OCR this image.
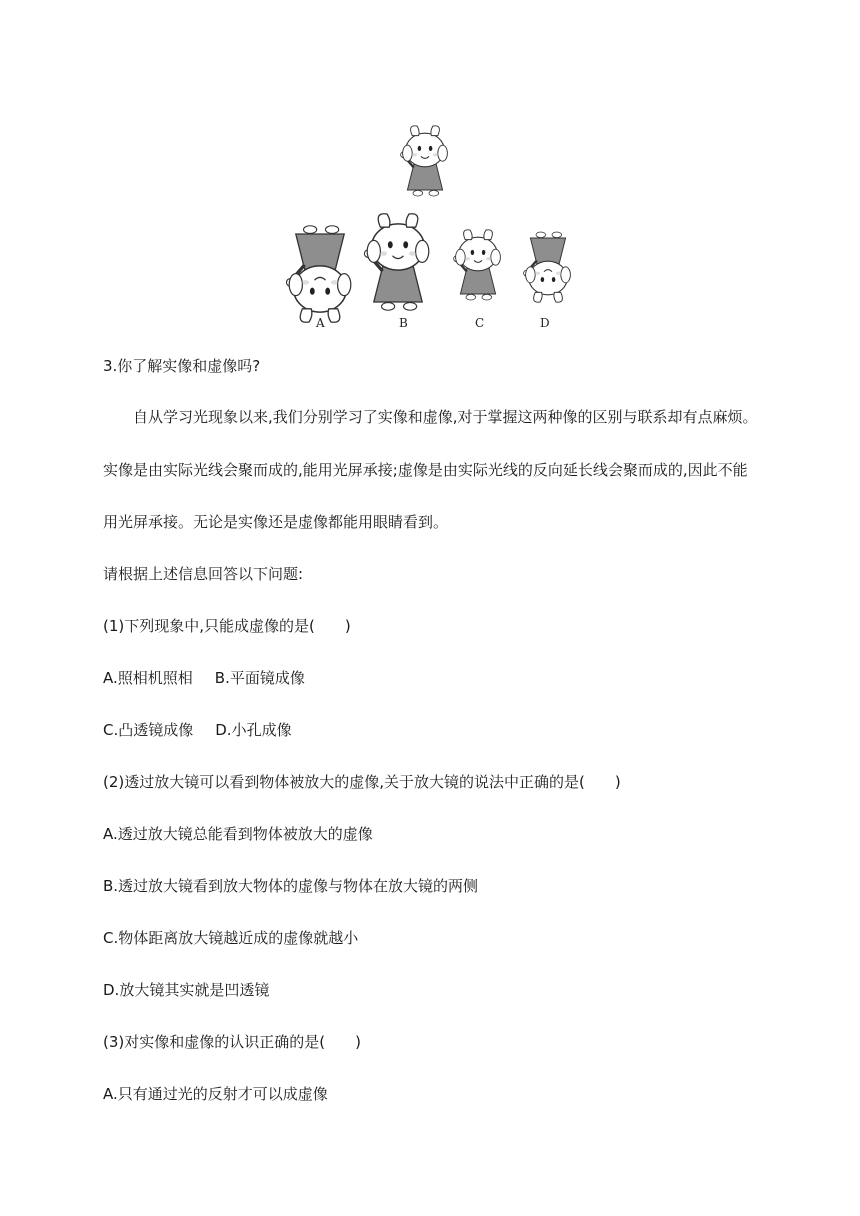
A	B	C	D
3.你了解实像和虚像吗?
自从学习光现象以来,我们分别学习了实像和虚像,对于掌握这两种像的区别与联系却有点麻烦。
实像是由实际光线会聚而成的,能用光屏承接;虚像是由实际光线的反向延长线会聚而成的,因此不能
用光屏承接。无论是实像还是虚像都能用眼睛看到。
请根据上述信息回答以下问题:
(1)下列现象中,只能成虚像的是(　　)
A.照相机照相 B.平面镜成像
C.凸透镜成像 D.小孔成像
(2)透过放大镜可以看到物体被放大的虚像,关于放大镜的说法中正确的是(　　)
A.透过放大镜总能看到物体被放大的虚像
B.透过放大镜看到放大物体的虚像与物体在放大镜的两侧
C.物体距离放大镜越近成的虚像就越小
D.放大镜其实就是凹透镜
(3)对实像和虚像的认识正确的是(　　)
A.只有通过光的反射才可以成虚像
